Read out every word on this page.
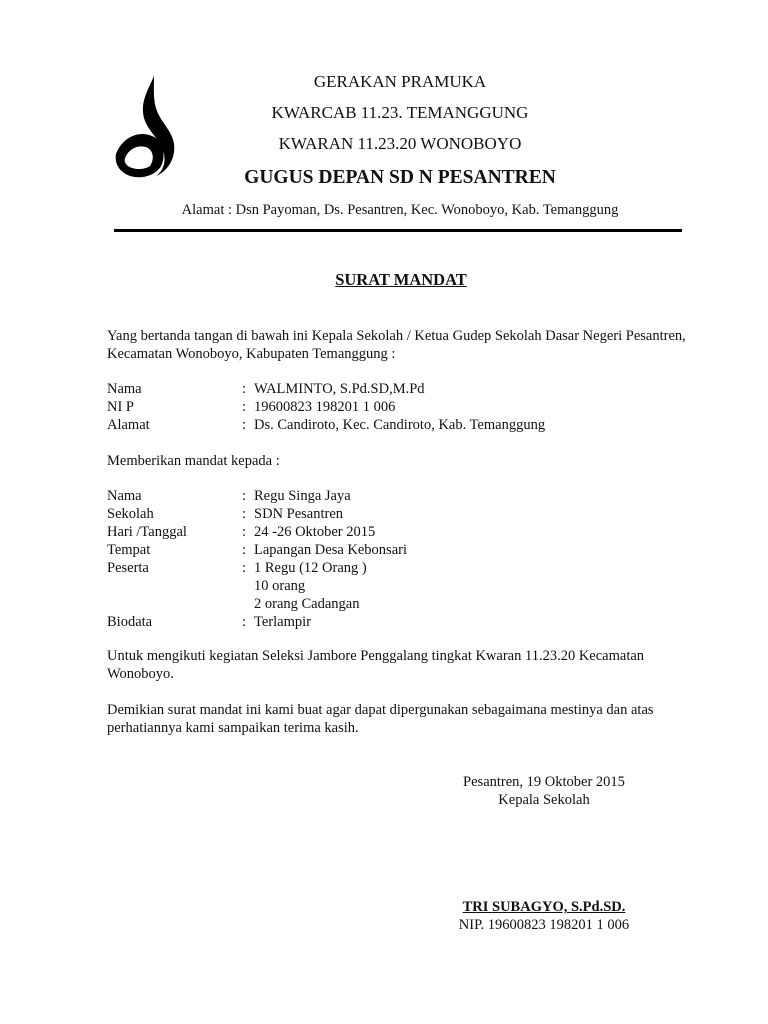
GERAKAN PRAMUKA
KWARCAB 11.23. TEMANGGUNG
KWARAN 11.23.20 WONOBOYO
GUGUS DEPAN SD N PESANTREN
Alamat : Dsn Payoman, Ds. Pesantren, Kec. Wonoboyo, Kab. Temanggung
SURAT MANDAT
Yang bertanda tangan di bawah ini Kepala Sekolah / Ketua Gudep Sekolah Dasar Negeri Pesantren, Kecamatan Wonoboyo, Kabupaten Temanggung :
Nama	: WALMINTO, S.Pd.SD,M.Pd
NI P	: 19600823 198201 1 006
Alamat	: Ds. Candiroto, Kec. Candiroto, Kab. Temanggung
Memberikan mandat kepada :
Nama	: Regu Singa Jaya
Sekolah	: SDN Pesantren
Hari /Tanggal	: 24 -26 Oktober 2015
Tempat	: Lapangan Desa Kebonsari
Peserta	: 1 Regu (12 Orang )
10 orang
2 orang Cadangan
Biodata	: Terlampir
Untuk mengikuti kegiatan Seleksi Jambore Penggalang tingkat Kwaran 11.23.20 Kecamatan Wonoboyo.
Demikian surat mandat ini kami buat agar dapat dipergunakan sebagaimana mestinya dan atas perhatiannya kami sampaikan terima kasih.
Pesantren, 19 Oktober 2015
Kepala Sekolah
TRI SUBAGYO, S.Pd.SD.
NIP. 19600823 198201 1 006
